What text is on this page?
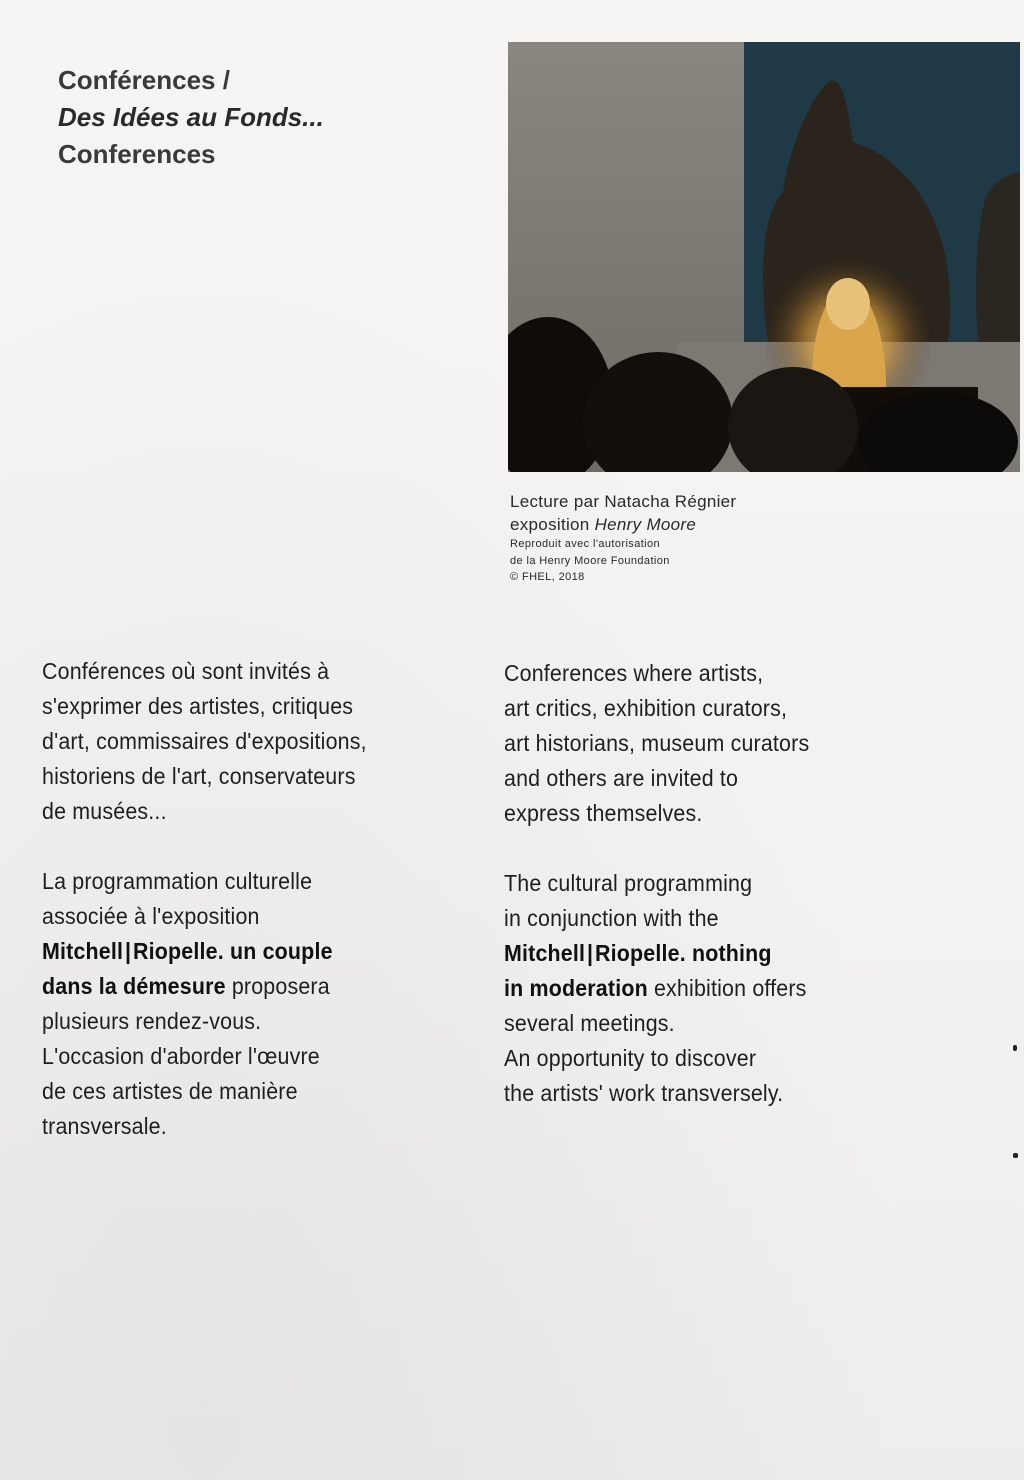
Conférences /
Des Idées au Fonds...
Conferences
Lecture par Natacha Régnier
exposition Henry Moore
Reproduit avec l'autorisation
de la Henry Moore Foundation
© FHEL, 2018

Conférences où sont invités à
s'exprimer des artistes, critiques
d'art, commissaires d'expositions,
historiens de l'art, conservateurs
de musées...

La programmation culturelle
associée à l'exposition
Mitchell|Riopelle. un couple
dans la démesure proposera
plusieurs rendez-vous.
L'occasion d'aborder l'œuvre
de ces artistes de manière
transversale.

Conferences where artists,
art critics, exhibition curators,
art historians, museum curators
and others are invited to
express themselves.

The cultural programming
in conjunction with the
Mitchell|Riopelle. nothing
in moderation exhibition offers
several meetings.
An opportunity to discover
the artists' work transversely.
